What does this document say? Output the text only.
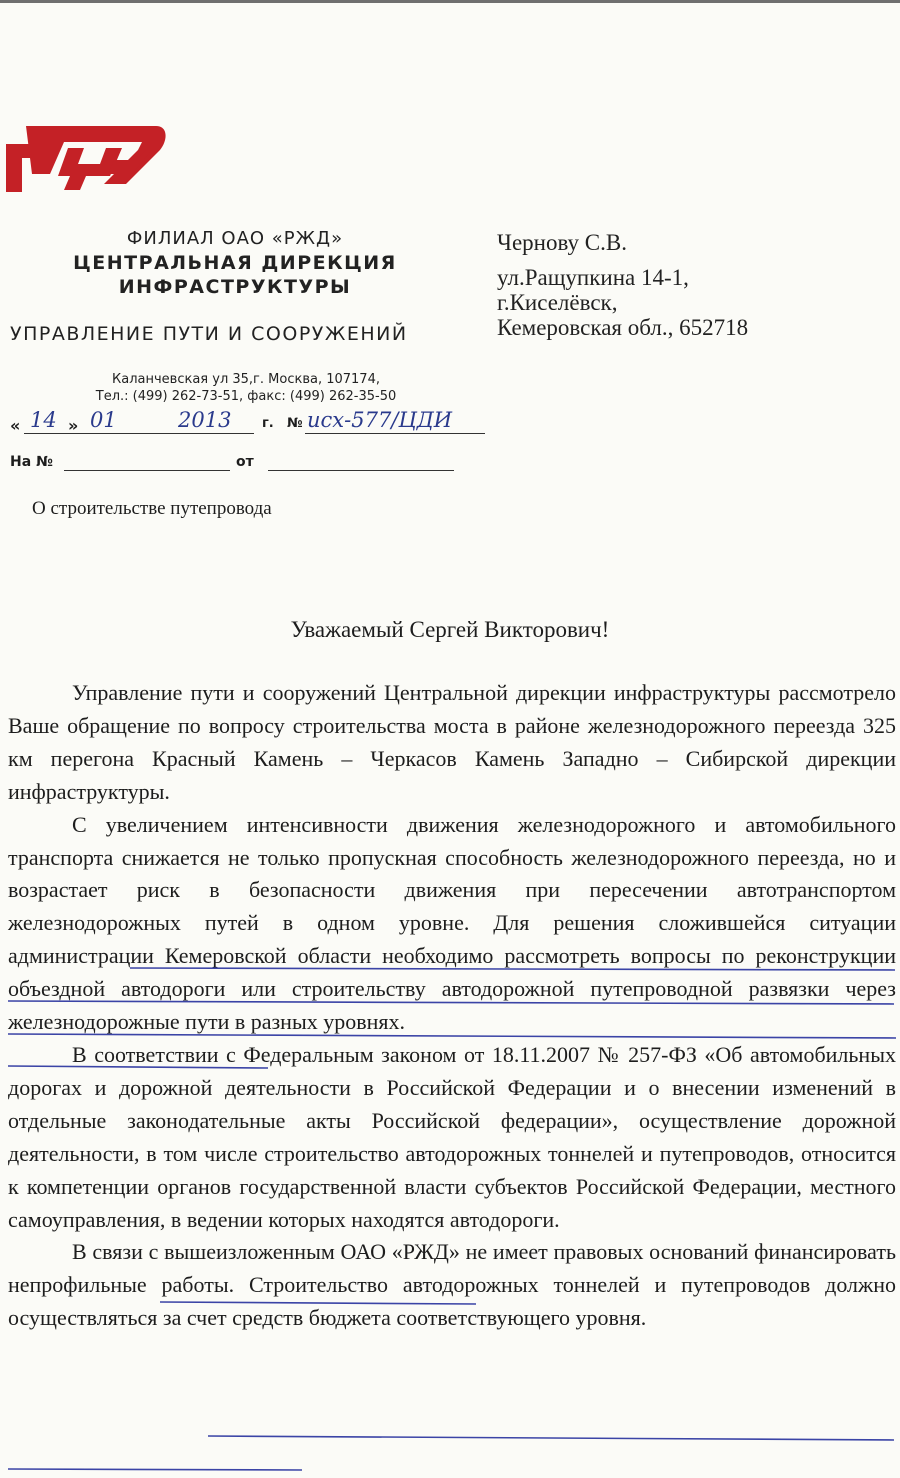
ФИЛИАЛ ОАО «РЖД»
ЦЕНТРАЛЬНАЯ ДИРЕКЦИЯ
ИНФРАСТРУКТУРЫ
УПРАВЛЕНИЕ ПУТИ И СООРУЖЕНИЙ
Каланчевская ул 35,г. Москва, 107174,
Тел.: (499) 262-73-51, факс: (499) 262-35-50
Чернову С.В.
ул.Ращупкина 14-1,
г.Киселёвск,
Кемеровская обл., 652718
« 14 » 01	2013 г. № исх-577/ЦДИ
На №	от
О строительстве путепровода
Уважаемый Сергей Викторович!

Управление пути и сооружений Центральной дирекции инфраструктуры рассмотрело Ваше обращение по вопросу строительства моста в районе железнодорожного переезда 325 км перегона Красный Камень – Черкасов Камень Западно – Сибирской дирекции инфраструктуры.

С увеличением интенсивности движения железнодорожного и автомобильного транспорта снижается не только пропускная способность железнодорожного переезда, но и возрастает риск в безопасности движения при пересечении автотранспортом железнодорожных путей в одном уровне. Для решения сложившейся ситуации администрации Кемеровской области необходимо рассмотреть вопросы по реконструкции объездной автодороги или строительству автодорожной путепроводной развязки через железнодорожные пути в разных уровнях.

В соответствии с Федеральным законом от 18.11.2007 № 257-ФЗ «Об автомобильных дорогах и дорожной деятельности в Российской Федерации и о внесении изменений в отдельные законодательные акты Российской федерации», осуществление дорожной деятельности, в том числе строительство автодорожных тоннелей и путепроводов, относится к компетенции органов государственной власти субъектов Российской Федерации, местного самоуправления, в ведении которых находятся автодороги.

В связи с вышеизложенным ОАО «РЖД» не имеет правовых оснований финансировать непрофильные работы. Строительство автодорожных тоннелей и путепроводов должно осуществляться за счет средств бюджета соответствующего уровня.
